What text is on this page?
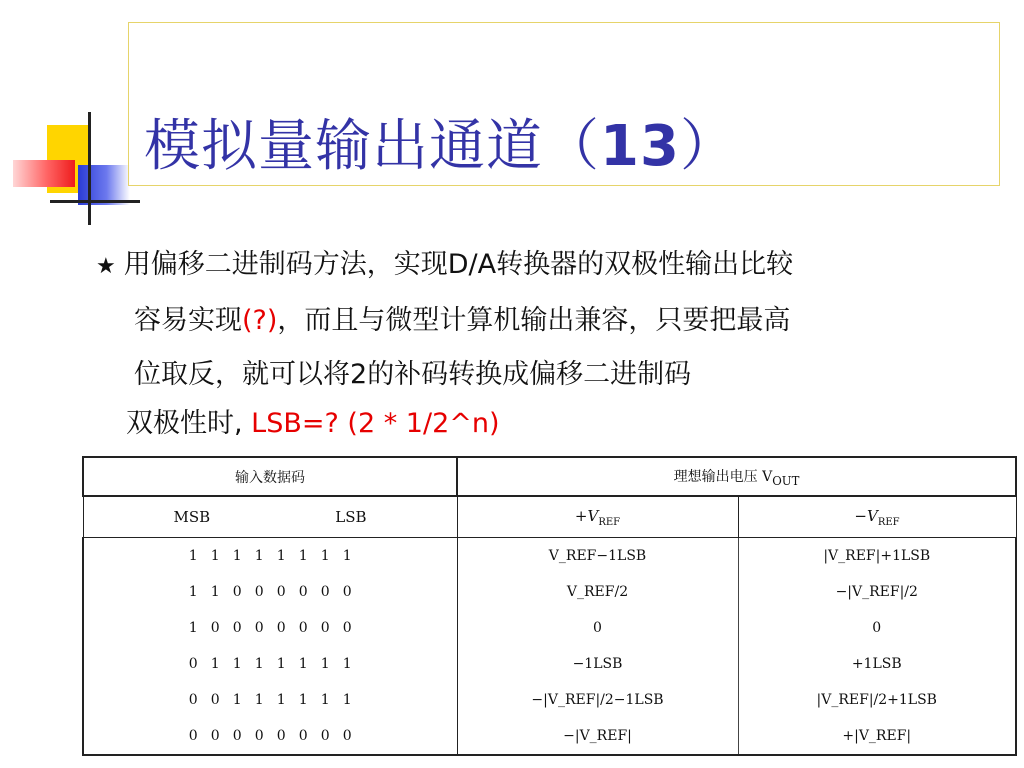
模拟量输出通道（13）
★ 用偏移二进制码方法，实现D/A转换器的双极性输出比较
容易实现(?)，而且与微型计算机输出兼容，只要把最高
位取反，就可以将2的补码转换成偏移二进制码
双极性时, LSB=? (2 * 1/2^n)
输入数据码	理想输出电压 $V_{OUT}$

MSB LSB	$+V_{REF}$	$-V_{REF}$

1 1 1 1 1 1 1 1	V_REF−1LSB	|V_REF|+1LSB

1 1 0 0 0 0 0 0	V_REF/2	−|V_REF|/2

1 0 0 0 0 0 0 0	0	0

0 1 1 1 1 1 1 1	−1LSB	+1LSB

0 0 1 1 1 1 1 1	−|V_REF|/2−1LSB	|V_REF|/2+1LSB

0 0 0 0 0 0 0 0	−|V_REF|	+|V_REF|
